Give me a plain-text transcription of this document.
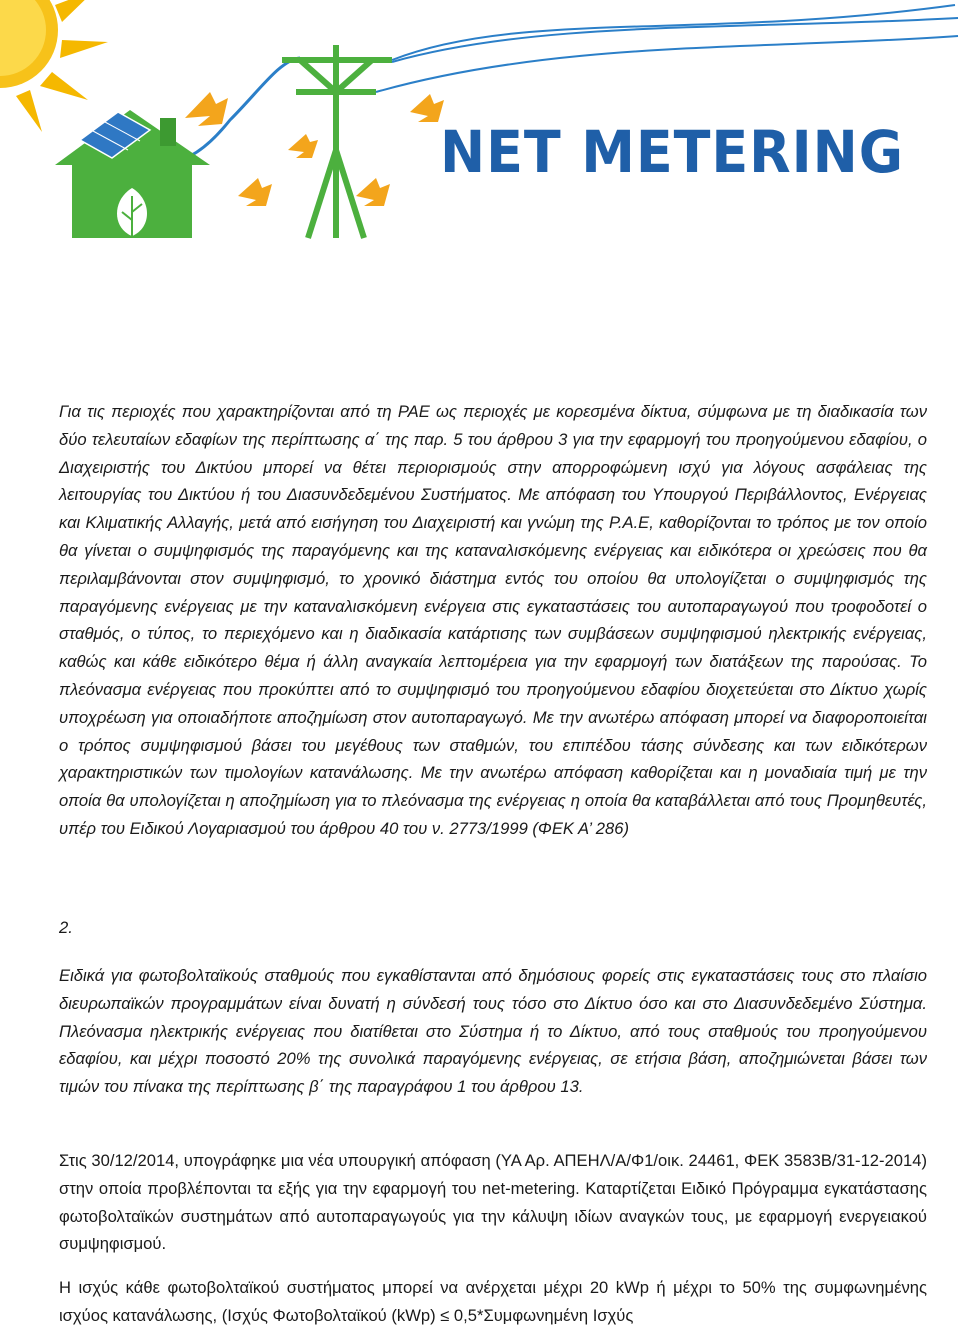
NET METERING

Για τις περιοχές που χαρακτηρίζονται από τη ΡΑΕ ως περιοχές με κορεσμένα δίκτυα, σύμφωνα με τη διαδικασία των δύο τελευταίων εδαφίων της περίπτωσης α΄ της παρ. 5 του άρθρου 3 για την εφαρμογή του προηγούμενου εδαφίου, ο Διαχειριστής του Δικτύου μπορεί να θέτει περιορισμούς στην απορροφώμενη ισχύ για λόγους ασφάλειας της λειτουργίας του Δικτύου ή του Διασυνδεδεμένου Συστήματος. Με απόφαση του Υπουργού Περιβάλλοντος, Ενέργειας και Κλιματικής Αλλαγής, μετά από εισήγηση του Διαχειριστή και γνώμη της Ρ.Α.Ε, καθορίζονται το τρόπος με τον οποίο θα γίνεται ο συμψηφισμός της παραγόμενης και της καταναλισκόμενης ενέργειας και ειδικότερα οι χρεώσεις που θα περιλαμβάνονται στον συμψηφισμό, το χρονικό διάστημα εντός του οποίου θα υπολογίζεται ο συμψηφισμός της παραγόμενης ενέργειας με την καταναλισκόμενη ενέργεια στις εγκαταστάσεις του αυτοπαραγωγού που τροφοδοτεί ο σταθμός, ο τύπος, το περιεχόμενο και η διαδικασία κατάρτισης των συμβάσεων συμψηφισμού ηλεκτρικής ενέργειας, καθώς και κάθε ειδικότερο θέμα ή άλλη αναγκαία λεπτομέρεια για την εφαρμογή των διατάξεων της παρούσας. Το πλεόνασμα ενέργειας που προκύπτει από το συμψηφισμό του προηγούμενου εδαφίου διοχετεύεται στο Δίκτυο χωρίς υποχρέωση για οποιαδήποτε αποζημίωση στον αυτοπαραγωγό. Με την ανωτέρω απόφαση μπορεί να διαφοροποιείται ο τρόπος συμψηφισμού βάσει του μεγέθους των σταθμών, του επιπέδου τάσης σύνδεσης και των ειδικότερων χαρακτηριστικών των τιμολογίων κατανάλωσης. Με την ανωτέρω απόφαση καθορίζεται και η μοναδιαία τιμή με την οποία θα υπολογίζεται η αποζημίωση για το πλεόνασμα της ενέργειας η οποία θα καταβάλλεται από τους Προμηθευτές, υπέρ του Ειδικού Λογαριασμού του άρθρου 40 του ν. 2773/1999 (ΦΕΚ Α’ 286)

2.

Ειδικά για φωτοβολταϊκούς σταθμούς που εγκαθίστανται από δημόσιους φορείς στις εγκαταστάσεις τους στο πλαίσιο διευρωπαϊκών προγραμμάτων είναι δυνατή η σύνδεσή τους τόσο στο Δίκτυο όσο και στο Διασυνδεδεμένο Σύστημα. Πλεόνασμα ηλεκτρικής ενέργειας που διατίθεται στο Σύστημα ή το Δίκτυο, από τους σταθμούς του προηγούμενου εδαφίου, και μέχρι ποσοστό 20% της συνολικά παραγόμενης ενέργειας, σε ετήσια βάση, αποζημιώνεται βάσει των τιμών του πίνακα της περίπτωσης β΄ της παραγράφου 1 του άρθρου 13.

Στις 30/12/2014, υπογράφηκε μια νέα υπουργική απόφαση (ΥΑ Αρ. ΑΠΕΗΛ/Α/Φ1/οικ. 24461, ΦΕΚ 3583Β/31-12-2014) στην οποία προβλέπονται τα εξής για την εφαρμογή του net-metering. Καταρτίζεται Ειδικό Πρόγραμμα εγκατάστασης φωτοβολταϊκών συστημάτων από αυτοπαραγωγούς για την κάλυψη ιδίων αναγκών τους, με εφαρμογή ενεργειακού συμψηφισμού.

Η ισχύς κάθε φωτοβολταϊκού συστήματος μπορεί να ανέρχεται μέχρι 20 kWp ή μέχρι το 50% της συμφωνημένης ισχύος κατανάλωσης, (Ισχύς Φωτοβολταϊκού (kWp) ≤ 0,5*Συμφωνημένη Ισχύς
